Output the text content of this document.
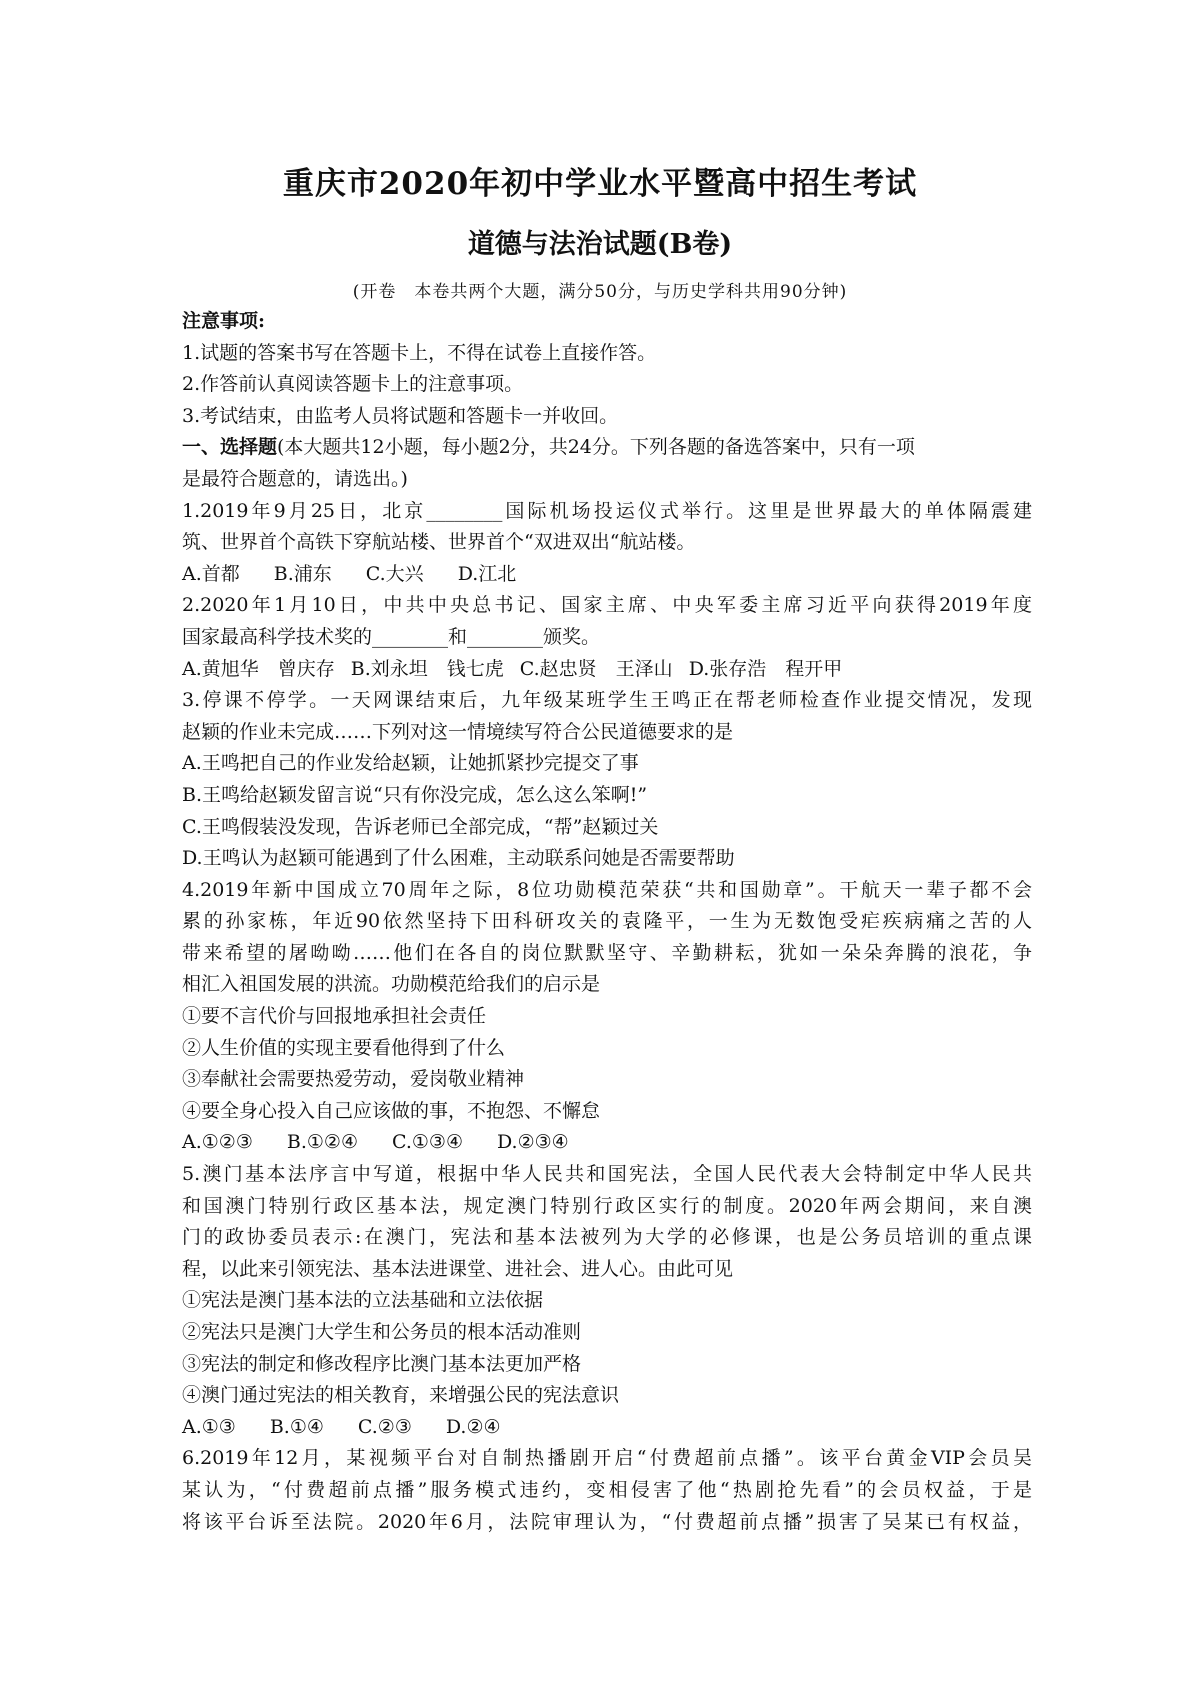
重庆市2020年初中学业水平暨高中招生考试
道德与法治试题(B卷)
(开卷　本卷共两个大题，满分50分，与历史学科共用90分钟)
注意事项:
1.试题的答案书写在答题卡上，不得在试卷上直接作答。
2.作答前认真阅读答题卡上的注意事项。
3.考试结束，由监考人员将试题和答题卡一并收回。
一、选择题(本大题共12小题，每小题2分，共24分。下列各题的备选答案中，只有一项
是最符合题意的，请选出。)
1.2019年9月25日，北京________国际机场投运仪式举行。这里是世界最大的单体隔震建
筑、世界首个高铁下穿航站楼、世界首个“双进双出“航站楼。
A.首都 B.浦东 C.大兴 D.江北
2.2020年1月10日，中共中央总书记、国家主席、中央军委主席习近平向获得2019年度
国家最高科学技术奖的________和________颁奖。
A.黄旭华　曾庆存 B.刘永坦　钱七虎 C.赵忠贤　王泽山 D.张存浩　程开甲
3.停课不停学。一天网课结束后，九年级某班学生王鸣正在帮老师检查作业提交情况，发现
赵颖的作业未完成……下列对这一情境续写符合公民道德要求的是
A.王鸣把自己的作业发给赵颖，让她抓紧抄完提交了事
B.王鸣给赵颖发留言说“只有你没完成，怎么这么笨啊!”
C.王鸣假装没发现，告诉老师已全部完成，“帮”赵颖过关
D.王鸣认为赵颖可能遇到了什么困难，主动联系问她是否需要帮助
4.2019年新中国成立70周年之际，8位功勋模范荣获“共和国勋章”。干航天一辈子都不会
累的孙家栋，年近90依然坚持下田科研攻关的袁隆平，一生为无数饱受疟疾病痛之苦的人
带来希望的屠呦呦……他们在各自的岗位默默坚守、辛勤耕耘，犹如一朵朵奔腾的浪花，争
相汇入祖国发展的洪流。功勋模范给我们的启示是
①要不言代价与回报地承担社会责任
②人生价值的实现主要看他得到了什么
③奉献社会需要热爱劳动，爱岗敬业精神
④要全身心投入自己应该做的事，不抱怨、不懈怠
A.①②③ B.①②④ C.①③④ D.②③④
5.澳门基本法序言中写道，根据中华人民共和国宪法，全国人民代表大会特制定中华人民共
和国澳门特别行政区基本法，规定澳门特别行政区实行的制度。2020年两会期间，来自澳
门的政协委员表示:在澳门，宪法和基本法被列为大学的必修课，也是公务员培训的重点课
程，以此来引领宪法、基本法进课堂、进社会、进人心。由此可见
①宪法是澳门基本法的立法基础和立法依据
②宪法只是澳门大学生和公务员的根本活动准则
③宪法的制定和修改程序比澳门基本法更加严格
④澳门通过宪法的相关教育，来增强公民的宪法意识
A.①③ B.①④ C.②③ D.②④
6.2019年12月，某视频平台对自制热播剧开启“付费超前点播”。该平台黄金VIP会员吴
某认为，“付费超前点播”服务模式违约，变相侵害了他“热剧抢先看”的会员权益，于是
将该平台诉至法院。2020年6月，法院审理认为，“付费超前点播”损害了吴某已有权益，
